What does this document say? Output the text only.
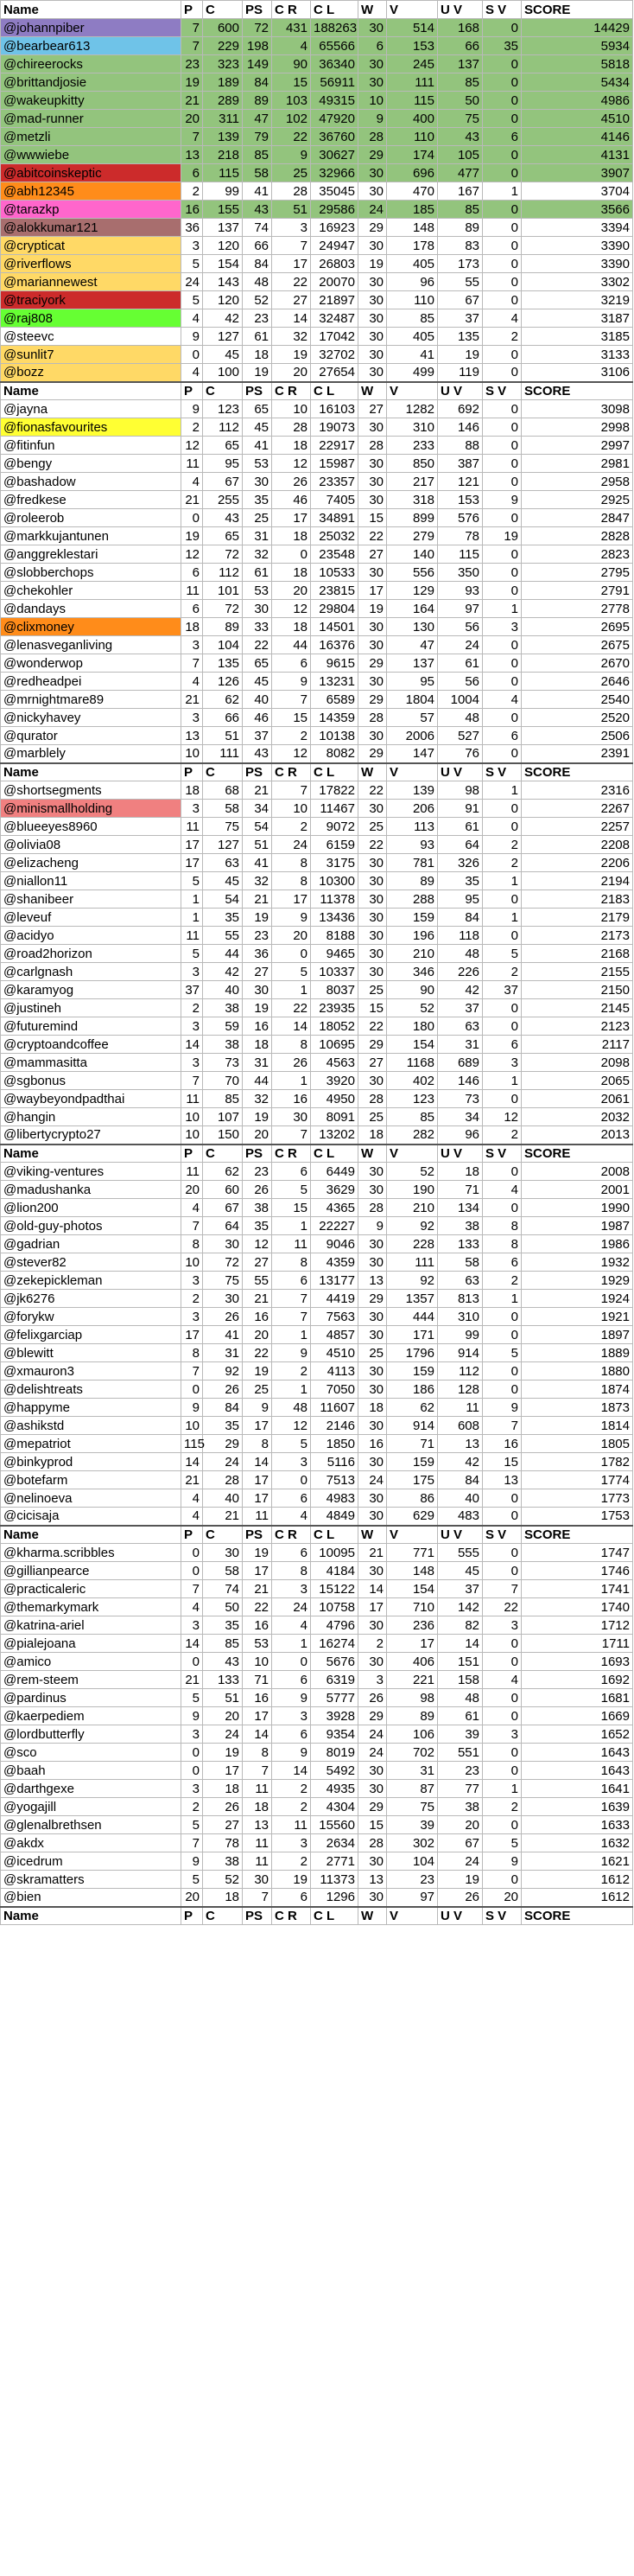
Name	P	C	PS	C R	C L	W	V	U V	S V	SCORE
@johannpiber	7	600	72	431	188263	30	514	168	0	14429
@bearbear613	7	229	198	4	65566	6	153	66	35	5934
@chireerocks	23	323	149	90	36340	30	245	137	0	5818
@brittandjosie	19	189	84	15	56911	30	111	85	0	5434
@wakeupkitty	21	289	89	103	49315	10	115	50	0	4986
@mad-runner	20	311	47	102	47920	9	400	75	0	4510
@metzli	7	139	79	22	36760	28	110	43	6	4146
@wwwiebe	13	218	85	9	30627	29	174	105	0	4131
@abitcoinskeptic	6	115	58	25	32966	30	696	477	0	3907
@abh12345	2	99	41	28	35045	30	470	167	1	3704
@tarazkp	16	155	43	51	29586	24	185	85	0	3566
@alokkumar121	36	137	74	3	16923	29	148	89	0	3394
@crypticat	3	120	66	7	24947	30	178	83	0	3390
@riverflows	5	154	84	17	26803	19	405	173	0	3390
@mariannewest	24	143	48	22	20070	30	96	55	0	3302
@traciyork	5	120	52	27	21897	30	110	67	0	3219
@raj808	4	42	23	14	32487	30	85	37	4	3187
@steevc	9	127	61	32	17042	30	405	135	2	3185
@sunlit7	0	45	18	19	32702	30	41	19	0	3133
@bozz	4	100	19	20	27654	30	499	119	0	3106
Name	P	C	PS	C R	C L	W	V	U V	S V	SCORE
@jayna	9	123	65	10	16103	27	1282	692	0	3098
@fionasfavourites	2	112	45	28	19073	30	310	146	0	2998
@fitinfun	12	65	41	18	22917	28	233	88	0	2997
@bengy	11	95	53	12	15987	30	850	387	0	2981
@bashadow	4	67	30	26	23357	30	217	121	0	2958
@fredkese	21	255	35	46	7405	30	318	153	9	2925
@roleerob	0	43	25	17	34891	15	899	576	0	2847
@markkujantunen	19	65	31	18	25032	22	279	78	19	2828
@anggreklestari	12	72	32	0	23548	27	140	115	0	2823
@slobberchops	6	112	61	18	10533	30	556	350	0	2795
@chekohler	11	101	53	20	23815	17	129	93	0	2791
@dandays	6	72	30	12	29804	19	164	97	1	2778
@clixmoney	18	89	33	18	14501	30	130	56	3	2695
@lenasveganliving	3	104	22	44	16376	30	47	24	0	2675
@wonderwop	7	135	65	6	9615	29	137	61	0	2670
@redheadpei	4	126	45	9	13231	30	95	56	0	2646
@mrnightmare89	21	62	40	7	6589	29	1804	1004	4	2540
@nickyhavey	3	66	46	15	14359	28	57	48	0	2520
@qurator	13	51	37	2	10138	30	2006	527	6	2506
@marblely	10	111	43	12	8082	29	147	76	0	2391
Name	P	C	PS	C R	C L	W	V	U V	S V	SCORE
@shortsegments	18	68	21	7	17822	22	139	98	1	2316
@minismallholding	3	58	34	10	11467	30	206	91	0	2267
@blueeyes8960	11	75	54	2	9072	25	113	61	0	2257
@olivia08	17	127	51	24	6159	22	93	64	2	2208
@elizacheng	17	63	41	8	3175	30	781	326	2	2206
@niallon11	5	45	32	8	10300	30	89	35	1	2194
@shanibeer	1	54	21	17	11378	30	288	95	0	2183
@leveuf	1	35	19	9	13436	30	159	84	1	2179
@acidyo	11	55	23	20	8188	30	196	118	0	2173
@road2horizon	5	44	36	0	9465	30	210	48	5	2168
@carlgnash	3	42	27	5	10337	30	346	226	2	2155
@karamyog	37	40	30	1	8037	25	90	42	37	2150
@justineh	2	38	19	22	23935	15	52	37	0	2145
@futuremind	3	59	16	14	18052	22	180	63	0	2123
@cryptoandcoffee	14	38	18	8	10695	29	154	31	6	2117
@mammasitta	3	73	31	26	4563	27	1168	689	3	2098
@sgbonus	7	70	44	1	3920	30	402	146	1	2065
@waybeyondpadthai	11	85	32	16	4950	28	123	73	0	2061
@hangin	10	107	19	30	8091	25	85	34	12	2032
@libertycrypto27	10	150	20	7	13202	18	282	96	2	2013
Name	P	C	PS	C R	C L	W	V	U V	S V	SCORE
@viking-ventures	11	62	23	6	6449	30	52	18	0	2008
@madushanka	20	60	26	5	3629	30	190	71	4	2001
@lion200	4	67	38	15	4365	28	210	134	0	1990
@old-guy-photos	7	64	35	1	22227	9	92	38	8	1987
@gadrian	8	30	12	11	9046	30	228	133	8	1986
@stever82	10	72	27	8	4359	30	111	58	6	1932
@zekepickleman	3	75	55	6	13177	13	92	63	2	1929
@jk6276	2	30	21	7	4419	29	1357	813	1	1924
@forykw	3	26	16	7	7563	30	444	310	0	1921
@felixgarciap	17	41	20	1	4857	30	171	99	0	1897
@blewitt	8	31	22	9	4510	25	1796	914	5	1889
@xmauron3	7	92	19	2	4113	30	159	112	0	1880
@delishtreats	0	26	25	1	7050	30	186	128	0	1874
@happyme	9	84	9	48	11607	18	62	11	9	1873
@ashikstd	10	35	17	12	2146	30	914	608	7	1814
@mepatriot	115	29	8	5	1850	16	71	13	16	1805
@binkyprod	14	24	14	3	5116	30	159	42	15	1782
@botefarm	21	28	17	0	7513	24	175	84	13	1774
@nelinoeva	4	40	17	6	4983	30	86	40	0	1773
@cicisaja	4	21	11	4	4849	30	629	483	0	1753
Name	P	C	PS	C R	C L	W	V	U V	S V	SCORE
@kharma.scribbles	0	30	19	6	10095	21	771	555	0	1747
@gillianpearce	0	58	17	8	4184	30	148	45	0	1746
@practicaleric	7	74	21	3	15122	14	154	37	7	1741
@themarkymark	4	50	22	24	10758	17	710	142	22	1740
@katrina-ariel	3	35	16	4	4796	30	236	82	3	1712
@pialejoana	14	85	53	1	16274	2	17	14	0	1711
@amico	0	43	10	0	5676	30	406	151	0	1693
@rem-steem	21	133	71	6	6319	3	221	158	4	1692
@pardinus	5	51	16	9	5777	26	98	48	0	1681
@kaerpediem	9	20	17	3	3928	29	89	61	0	1669
@lordbutterfly	3	24	14	6	9354	24	106	39	3	1652
@sco	0	19	8	9	8019	24	702	551	0	1643
@baah	0	17	7	14	5492	30	31	23	0	1643
@darthgexe	3	18	11	2	4935	30	87	77	1	1641
@yogajill	2	26	18	2	4304	29	75	38	2	1639
@glenalbrethsen	5	27	13	11	15560	15	39	20	0	1633
@akdx	7	78	11	3	2634	28	302	67	5	1632
@icedrum	9	38	11	2	2771	30	104	24	9	1621
@skramatters	5	52	30	19	11373	13	23	19	0	1612
@bien	20	18	7	6	1296	30	97	26	20	1612
Name	P	C	PS	C R	C L	W	V	U V	S V	SCORE
